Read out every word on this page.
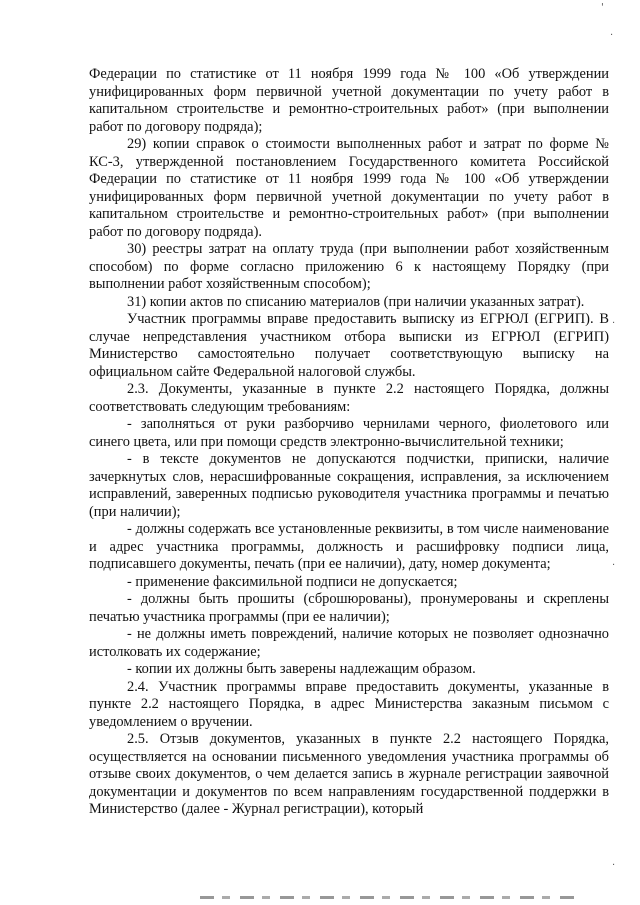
Федерации по статистике от 11 ноября 1999 года № 100 «Об утверждении унифицированных форм первичной учетной документации по учету работ в капитальном строительстве и ремонтно-строительных работ» (при выполнении работ по договору подряда);

29) копии справок о стоимости выполненных работ и затрат по форме № КС-3, утвержденной постановлением Государственного комитета Российской Федерации по статистике от 11 ноября 1999 года № 100 «Об утверждении унифицированных форм первичной учетной документации по учету работ в капитальном строительстве и ремонтно-строительных работ» (при выполнении работ по договору подряда).

30) реестры затрат на оплату труда (при выполнении работ хозяйственным способом) по форме согласно приложению 6 к настоящему Порядку (при выполнении работ хозяйственным способом);

31) копии актов по списанию материалов (при наличии указанных затрат).

Участник программы вправе предоставить выписку из ЕГРЮЛ (ЕГРИП). В случае непредставления участником отбора выписки из ЕГРЮЛ (ЕГРИП) Министерство самостоятельно получает соответствующую выписку на официальном сайте Федеральной налоговой службы.

2.3. Документы, указанные в пункте 2.2 настоящего Порядка, должны соответствовать следующим требованиям:

- заполняться от руки разборчиво чернилами черного, фиолетового или синего цвета, или при помощи средств электронно-вычислительной техники;

- в тексте документов не допускаются подчистки, приписки, наличие зачеркнутых слов, нерасшифрованные сокращения, исправления, за исключением исправлений, заверенных подписью руководителя участника программы и печатью (при наличии);

- должны содержать все установленные реквизиты, в том числе наименование и адрес участника программы, должность и расшифровку подписи лица, подписавшего документы, печать (при ее наличии), дату, номер документа;

- применение факсимильной подписи не допускается;

- должны быть прошиты (сброшюрованы), пронумерованы и скреплены печатью участника программы (при ее наличии);

- не должны иметь повреждений, наличие которых не позволяет однозначно истолковать их содержание;

- копии их должны быть заверены надлежащим образом.

2.4. Участник программы вправе предоставить документы, указанные в пункте 2.2 настоящего Порядка, в адрес Министерства заказным письмом с уведомлением о вручении.

2.5. Отзыв документов, указанных в пункте 2.2 настоящего Порядка, осуществляется на основании письменного уведомления участника программы об отзыве своих документов, о чем делается запись в журнале регистрации заявочной документации и документов по всем направлениям государственной поддержки в Министерство (далее - Журнал регистрации), который

'
·
·
·
·
